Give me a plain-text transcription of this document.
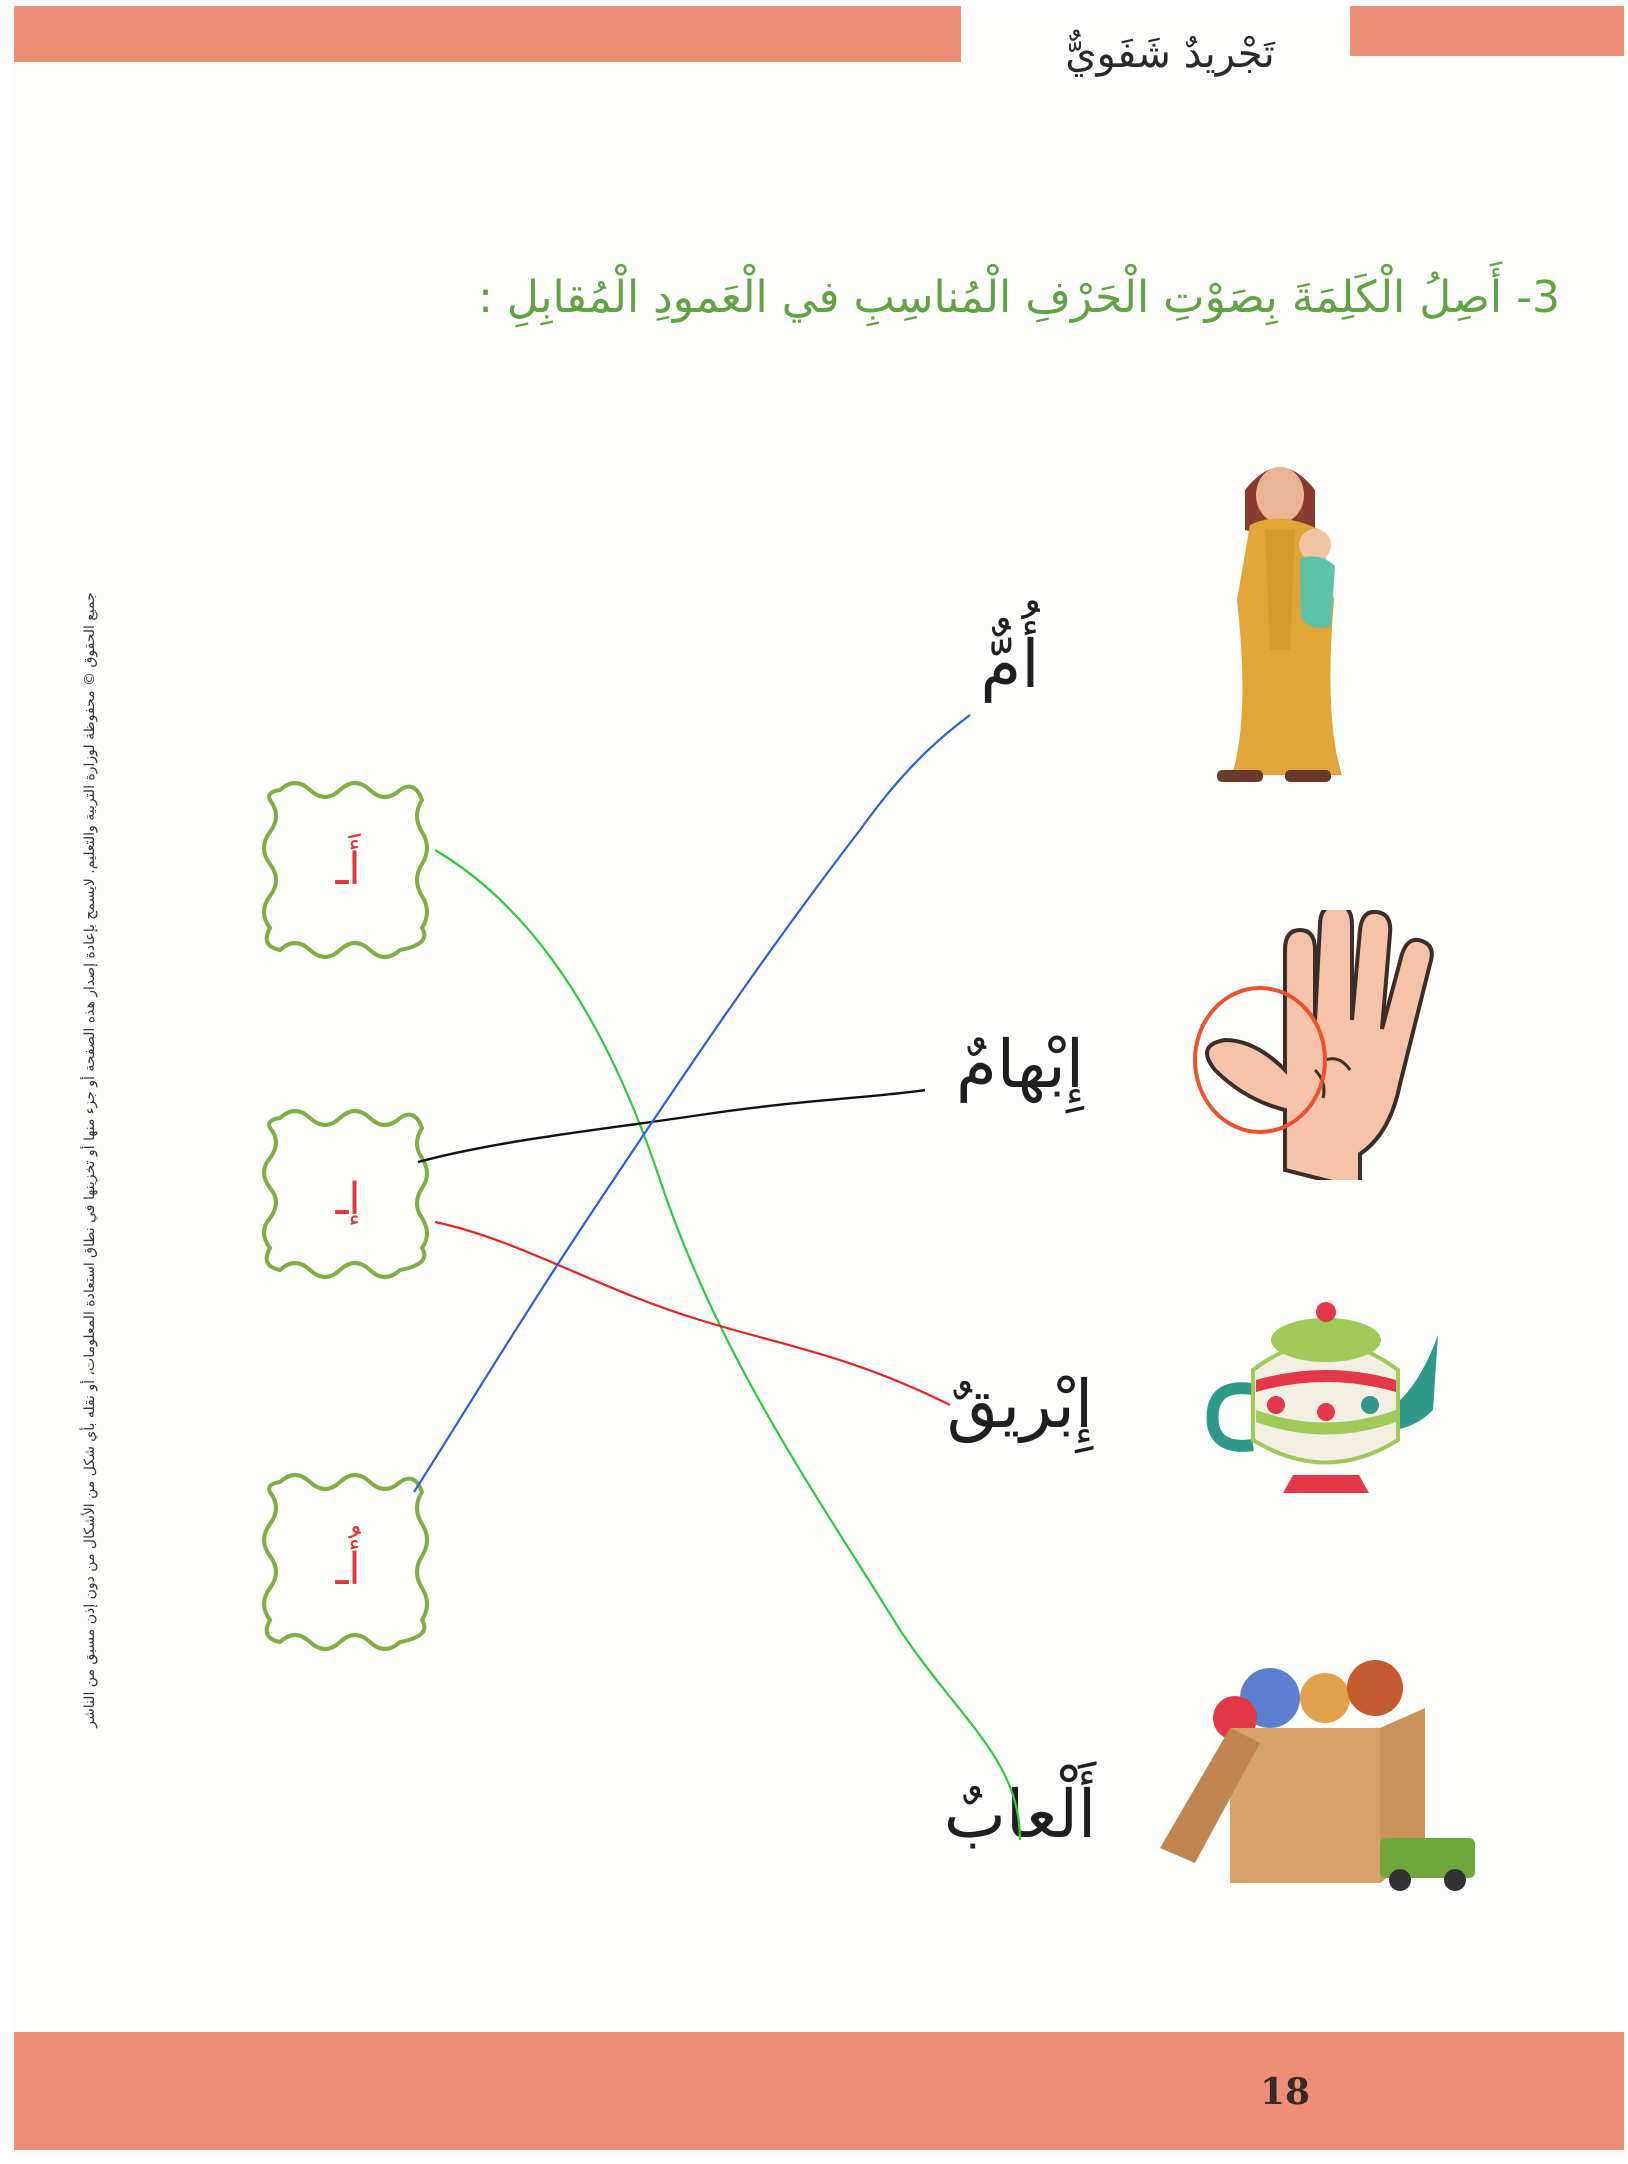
تَجْريدٌ شَفَويٌّ
3- أَصِلُ الْكَلِمَةَ بِصَوْتِ الْحَرْفِ الْمُناسِبِ في الْعَمودِ الْمُقابِلِ :
جميع الحقوق © محفوظة لوزارة التربية والتعليم. لايسمح بإعادة إصدار هذه الصفحة أو جزء منها أو تخزينها في نطاق استعادة المعلومات، أو نقله بأي شكل من الأشكال من دون إذن مسبق من الناشر	أَـ
إـ
أُـ
أُمٌّ
إِبْهامٌ
إِبْريقٌ
أَلْعابٌ
18
